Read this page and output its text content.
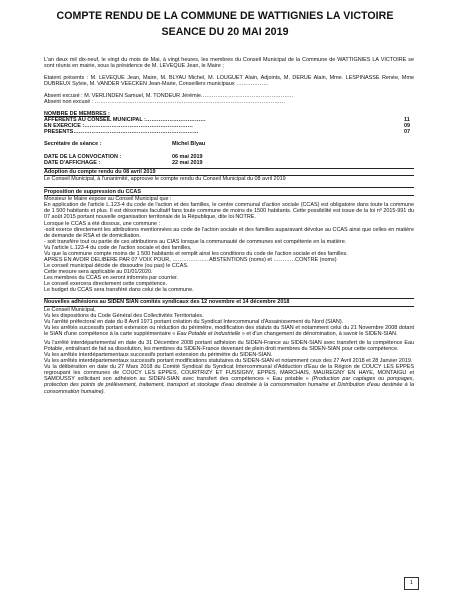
COMPTE RENDU DE LA COMMUNE DE WATTIGNIES LA VICTOIRE
SEANCE DU 20 MAI 2019

L'an deux mil dix-neuf, le vingt du mois de Mai, à vingt heures, les membres du Conseil Municipal de la Commune de WATTIGNIES LA VICTOIRE se sont réunis en mairie, sous la présidence de M. LEVEQUE Jean, le Maire ;

Etaient présents : M. LEVEQUE Jean, Maire, M. BLYAU Michel, M. LOUGUET Alain, Adjoints, M. DERUE Alain, Mme. LESPINASSE Renée, Mme DUBREUX Sylvie, M. VANDER VEECKEN Jean-Marie, Conseillers municipaux ………………

Absent excusé : M. VERLINDEN Samuel, M. TONDEUR Jérémie……………………………………………

Absent non excusé : ……………………………………………………………………………………………

NOMBRE DE MEMBRES :
AFFERENTS AU CONSEIL MUNICIPAL : ……………………………	11
EN EXERCICE : ……………………………………………………	09
PRESENTS ……………………………………………………………	07
Secrétaire de séance :	Michel Blyau
DATE DE LA CONVOCATION :	06 mai 2019
DATE D'AFFICHAGE :	22 mai 2019
Adoption du compte rendu du 08 avril 2019

Le Conseil Municipal, à l'unanimité, approuve le compte rendu du Conseil Municipal du 08 avril 2019

Proposition de suppression du CCAS

Monsieur le Maire expose au Conseil Municipal que :

En application de l'article L.123-4 du code de l'action et des familles, le centre communal d'action sociale (CCAS) est obligatoire dans toute la commune de 1 500 habitants et plus. Il est désormais facultatif fans toute commune de moins de 1500 habitants. Cette possibilité est issue de la loi nº 2015-991 du 07 août 2015 portant nouvelle organisation territoriale de la République, dite loi NOTRE.

Lorsque le CCAS a été dissous, une commune :

-soit exerce directement les attributions mentionnées au code de l'action sociale et des familles auparavant dévolue au CCAS ainsi que celles en matière de demande de RSA et de domiciliation.

- soit transfère tout ou partie de ces attributions au CIAS lorsque la communauté de communes est compétente en la matière.

Vu l'article L.123-4 du code de l'action sociale et des familles,

Vu que la commune compte moins de 1 500 habitants et remplit ainsi les conditions du code de l'action sociale et des familles.

APRES EN AVOIR DELIBERE PAR 07 VOIX POUR, ……………….. ABSTENTIONS (noms) et …………CONTRE (noms)

Le conseil municipal décide de dissoudre (ou pas) le CCAS.

Cette mesure sera applicable au 01/01/2020.

Les membres du CCAS en seront informés par courrier.

Le conseil exercera directement cette compétence.

Le budget du CCAS sera transféré dans celui de la commune.

Nouvelles adhésions au SIDEN SIAN comités syndicaux des 12 novembre et 14 décembre 2018

Le Conseil Municipal,

Vu les dispositions du Code Général des Collectivités Territoriales.

Vu l'arrêté préfectoral en date du 8 Avril 1971 portant création du Syndicat Intercommunal d'Assainissement du Nord (SIAN).

Vu les arrêtés successifs portant extension ou réduction du périmètre, modification des statuts du SIAN et notamment celui du 21 Novembre 2008 dotant le SIAN d'une compétence à la carte supplémentaire « Eau Potable et Industrielle » et d'un changement de dénomination, à savoir le SIDEN-SIAN.

Vu l'arrêté interdépartemental en date du 31 Décembre 2008 portant adhésion du SIDEN-France au SIDEN-SIAN avec transfert de la compétence Eau Potable, entraînant de fait sa dissolution, les membres du SIDEN-France devenant de plein droit membres du SIDEN-SIAN pour cette compétence.

Vu les arrêtés interdépartementaux successifs portant extension du périmètre du SIDEN-SIAN.

Vu les arrêtés interdépartementaux successifs portant modifications statutaires du SIDEN-SIAN et notamment ceux des 27 Avril 2018 et 28 Janvier 2019.

Vu la délibération en date du 27 Mars 2018 du Comité Syndical du Syndicat Intercommunal d'Adduction d'Eau de la Région de COUCY LES EPPES regroupant les communes de COUCY LES EPPES, COURTRIZY ET FUSSIGNY, EPPES, MARCHAIS, MAUREGNY EN HAYE, MONTAIGU et SAMOUSSY sollicitant son adhésion au SIDEN-SIAN avec transfert des compétences « Eau potable » (Production par captages ou pompages, protection des points de prélèvement, traitement, transport et stockage d'eau destinée à la consommation humaine et Distribution d'eau destinée à la consommation humaine).

1
